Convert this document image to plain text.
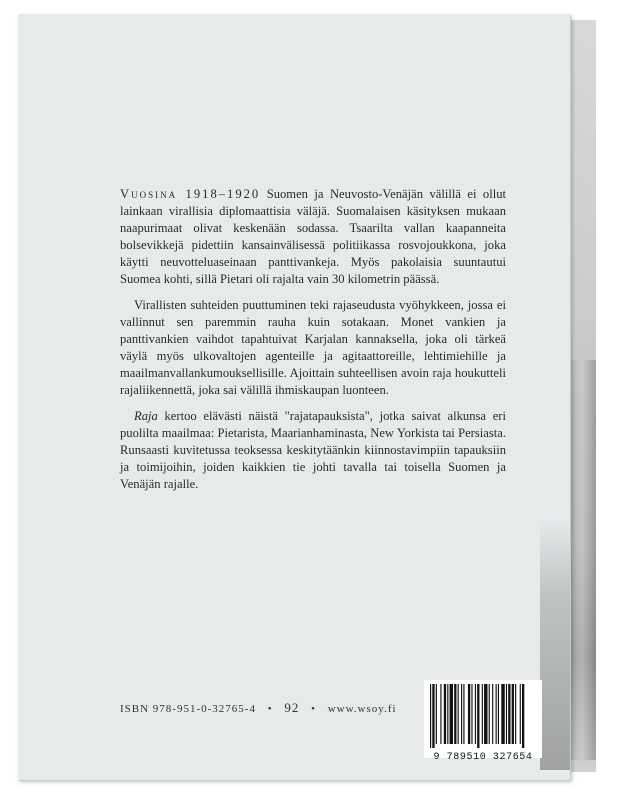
Vuosina 1918–1920 Suomen ja Neuvosto-Venäjän välillä ei ollut lainkaan virallisia diplomaattisia väläjä. Suomalaisen käsityksen mukaan naapurimaat olivat keskenään sodassa. Tsaarilta vallan kaapanneita bolsevikkejä pidettiin kansainvälisessä politiikassa rosvojoukkona, joka käytti neuvotteluaseinaan panttivankeja. Myös pakolaisia suuntautui Suomea kohti, sillä Pietari oli rajalta vain 30 kilometrin päässä.

Virallisten suhteiden puuttuminen teki rajaseudusta vyöhykkeen, jossa ei vallinnut sen paremmin rauha kuin sotakaan. Monet vankien ja panttivankien vaihdot tapahtuivat Karjalan kannaksella, joka oli tärkeä väylä myös ulkovaltojen agenteille ja agitaattoreille, lehtimiehille ja maailmanvallankumouksellisille. Ajoittain suhteellisen avoin raja houkutteli rajaliikennettä, joka sai välillä ihmiskaupan luonteen.

Raja kertoo elävästi näistä "rajatapauksista", jotka saivat alkunsa eri puolilta maailmaa: Pietaristа, Maarianhaminasta, New Yorkista tai Persiasta. Runsaasti kuvitetussa teoksessa keskitytäänkin kiinnostavimpiin tapauksiin ja toimijoihin, joiden kaikkien tie johti tavalla tai toisella Suomen ja Venäjän rajalle.

ISBN 978-951-0-32765-4 • 92 • www.wsoy.fi
9 789510 327654
